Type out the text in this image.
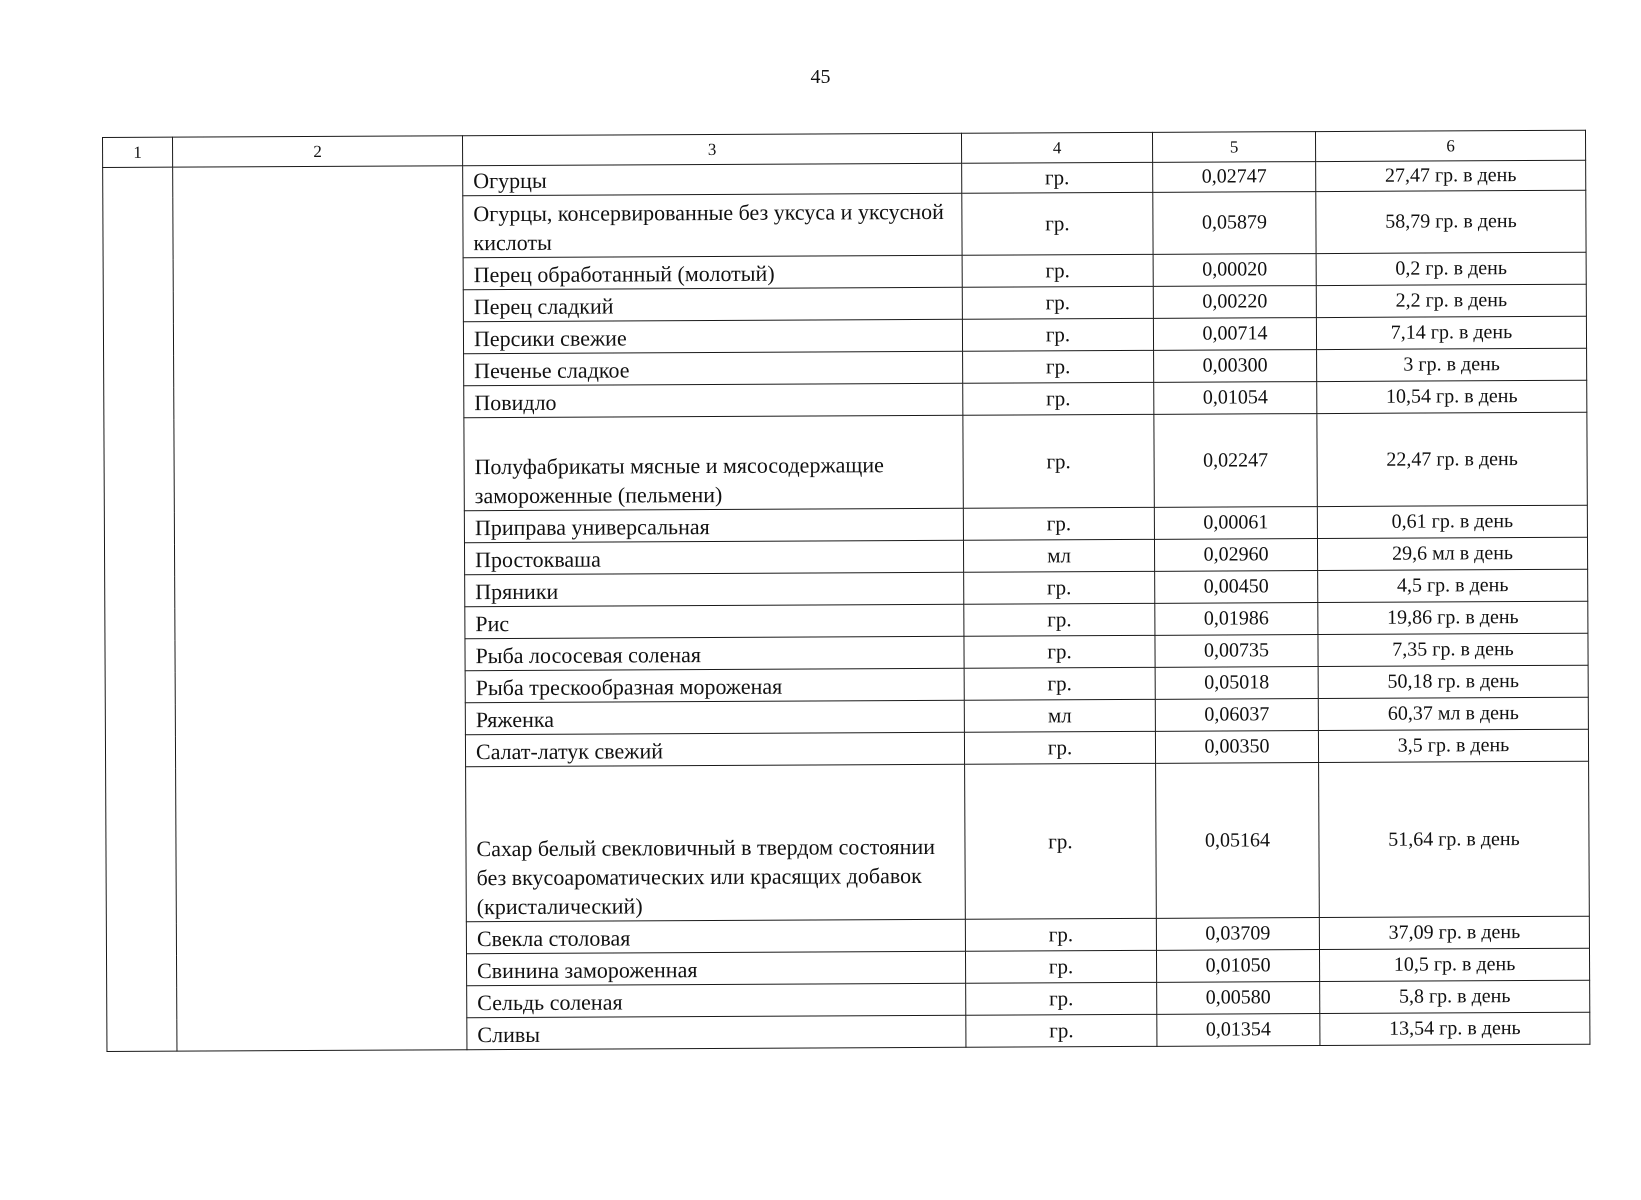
45
1	2	3	4	5	6
		Огурцы	гр.	0,02747	27,47 гр. в день
		Огурцы, консервированные без уксуса и уксусной кислоты	гр.	0,05879	58,79 гр. в день
		Перец обработанный (молотый)	гр.	0,00020	0,2 гр. в день
		Перец сладкий	гр.	0,00220	2,2 гр. в день
		Персики свежие	гр.	0,00714	7,14 гр. в день
		Печенье сладкое	гр.	0,00300	3 гр. в день
		Повидло	гр.	0,01054	10,54 гр. в день
		Полуфабрикаты мясные и мясосодержащие замороженные (пельмени)	гр.	0,02247	22,47 гр. в день
		Приправа универсальная	гр.	0,00061	0,61 гр. в день
		Простокваша	мл	0,02960	29,6 мл в день
		Пряники	гр.	0,00450	4,5 гр. в день
		Рис	гр.	0,01986	19,86 гр. в день
		Рыба лососевая соленая	гр.	0,00735	7,35 гр. в день
		Рыба трескообразная мороженая	гр.	0,05018	50,18 гр. в день
		Ряженка	мл	0,06037	60,37 мл в день
		Салат-латук свежий	гр.	0,00350	3,5 гр. в день
		Сахар белый свекловичный в твердом состоянии без вкусоароматических или красящих добавок (кристалический)	гр.	0,05164	51,64 гр. в день
		Свекла столовая	гр.	0,03709	37,09 гр. в день
		Свинина замороженная	гр.	0,01050	10,5 гр. в день
		Сельдь соленая	гр.	0,00580	5,8 гр. в день
		Сливы	гр.	0,01354	13,54 гр. в день
